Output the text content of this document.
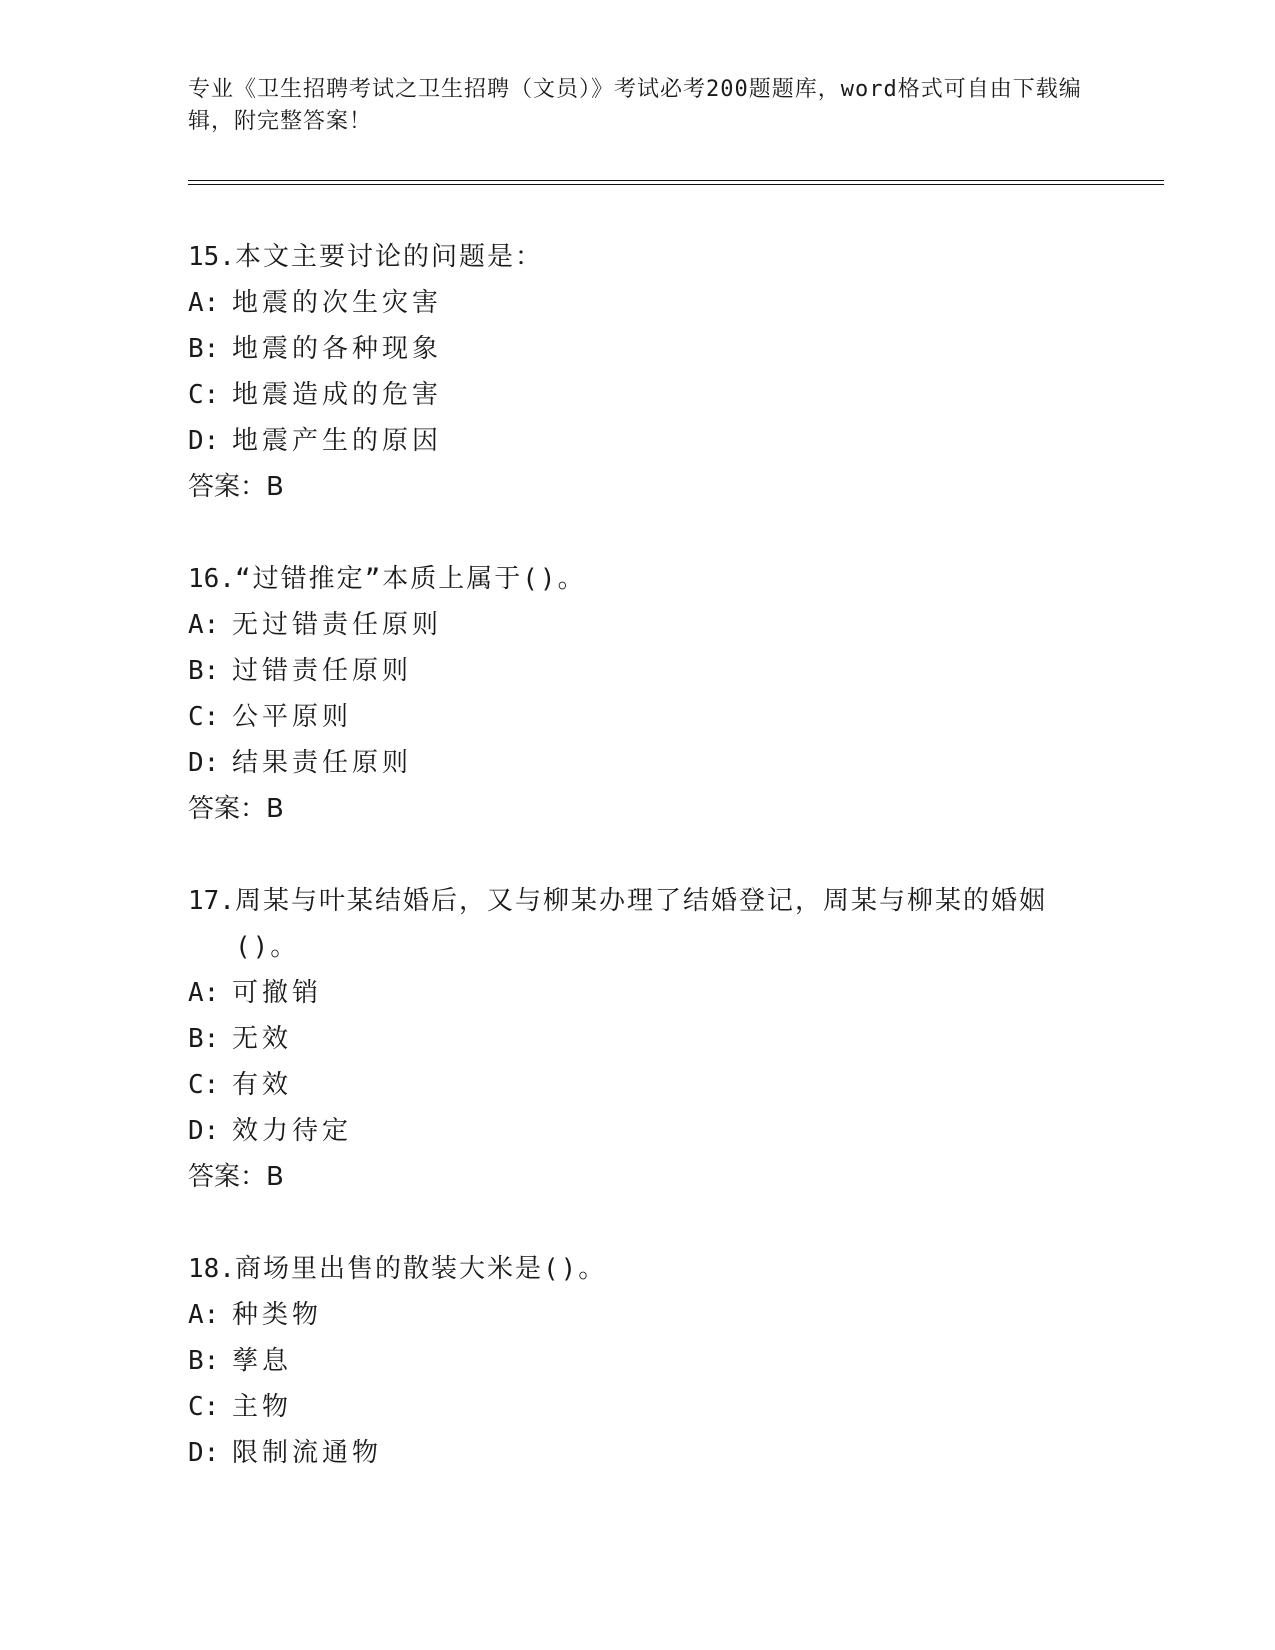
专业《卫生招聘考试之卫生招聘（文员）》考试必考200题题库，word格式可自由下载编辑，附完整答案！
15. 本文主要讨论的问题是：
A: 地震的次生灾害
B: 地震的各种现象
C: 地震造成的危害
D: 地震产生的原因
答案：B
16. “过错推定”本质上属于()。
A: 无过错责任原则
B: 过错责任原则
C: 公平原则
D: 结果责任原则
答案：B
17. 周某与叶某结婚后，又与柳某办理了结婚登记，周某与柳某的婚姻()。
A: 可撤销
B: 无效
C: 有效
D: 效力待定
答案：B
18. 商场里出售的散装大米是()。
A: 种类物
B: 孳息
C: 主物
D: 限制流通物
